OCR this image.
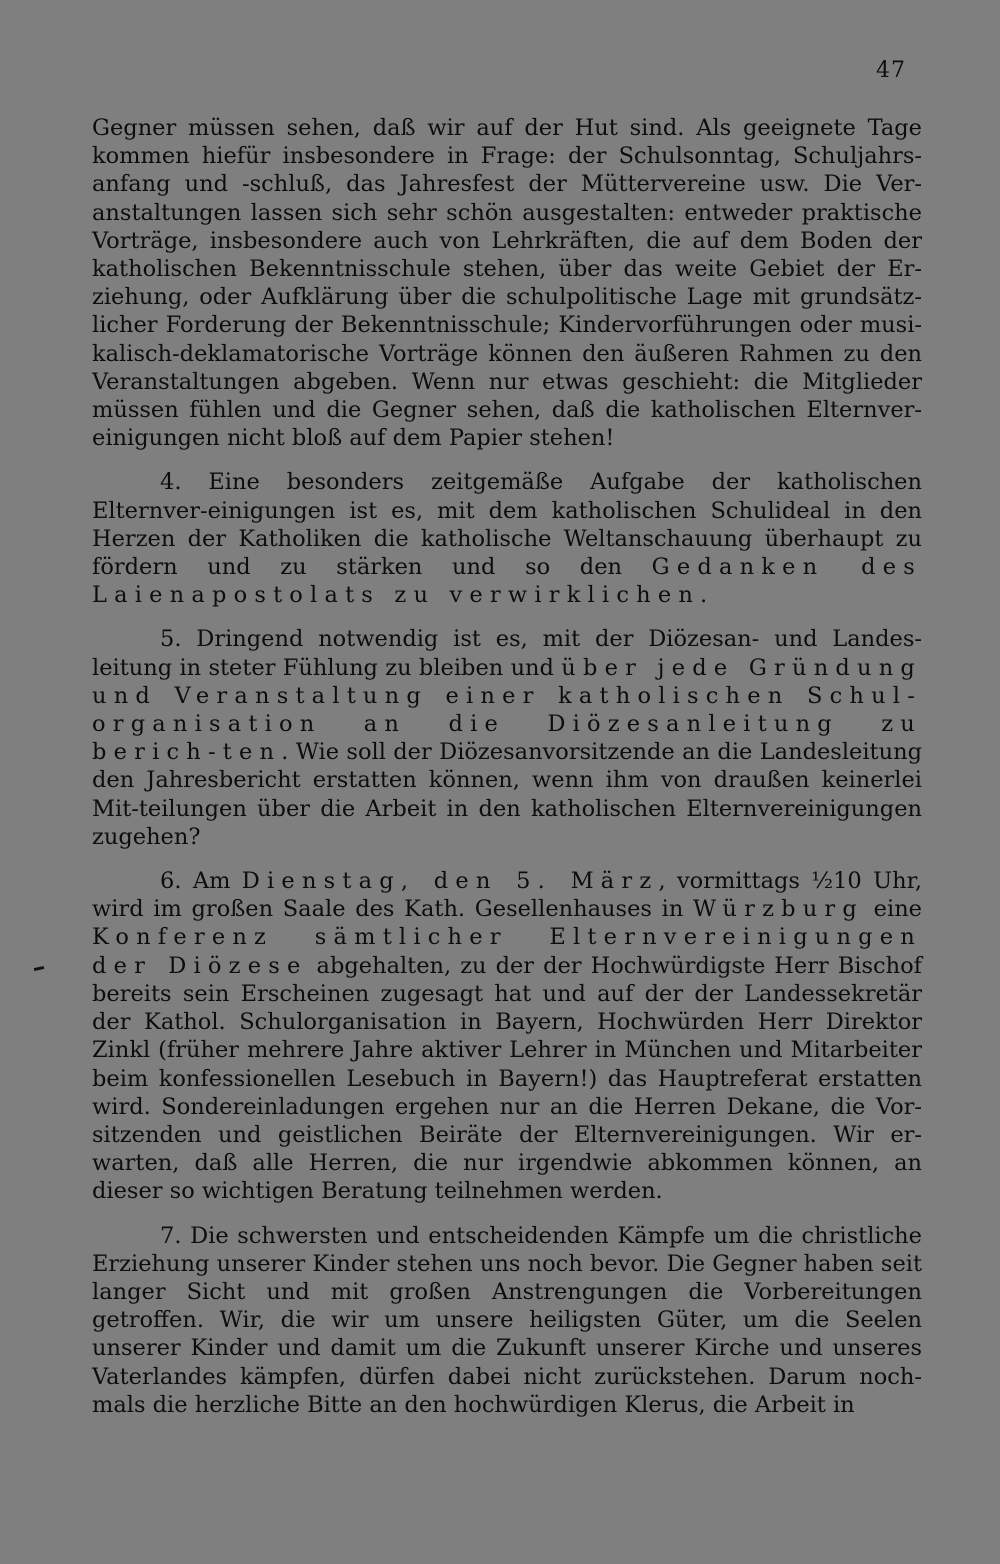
47

Gegner müssen sehen, daß wir auf der Hut sind. Als geeignete Tage kommen hiefür insbesondere in Frage: der Schulsonntag, Schuljahrs-anfang und -schluß, das Jahresfest der Müttervereine usw. Die Ver-anstaltungen lassen sich sehr schön ausgestalten: entweder praktische Vorträge, insbesondere auch von Lehrkräften, die auf dem Boden der katholischen Bekenntnisschule stehen, über das weite Gebiet der Er-ziehung, oder Aufklärung über die schulpolitische Lage mit grundsätz-licher Forderung der Bekenntnisschule; Kindervorführungen oder musi-kalisch-deklamatorische Vorträge können den äußeren Rahmen zu den Veranstaltungen abgeben. Wenn nur etwas geschieht: die Mitglieder müssen fühlen und die Gegner sehen, daß die katholischen Elternver-einigungen nicht bloß auf dem Papier stehen!

4. Eine besonders zeitgemäße Aufgabe der katholischen Elternver-einigungen ist es, mit dem katholischen Schulideal in den Herzen der Katholiken die katholische Weltanschauung überhaupt zu fördern und zu stärken und so den Gedanken des Laienapostolats zu verwirklichen.

5. Dringend notwendig ist es, mit der Diözesan- und Landes-leitung in steter Fühlung zu bleiben und über jede Gründung und Veranstaltung einer katholischen Schul-organisation an die Diözesanleitung zu berich-ten. Wie soll der Diözesanvorsitzende an die Landesleitung den Jahresbericht erstatten können, wenn ihm von draußen keinerlei Mit-teilungen über die Arbeit in den katholischen Elternvereinigungen zugehen?

6. Am Dienstag, den 5. März, vormittags ½10 Uhr, wird im großen Saale des Kath. Gesellenhauses in Würzburg eine Konferenz sämtlicher Elternvereinigungen der Diözese abgehalten, zu der der Hochwürdigste Herr Bischof bereits sein Erscheinen zugesagt hat und auf der der Landessekretär der Kathol. Schulorganisation in Bayern, Hochwürden Herr Direktor Zinkl (früher mehrere Jahre aktiver Lehrer in München und Mitarbeiter beim konfessionellen Lesebuch in Bayern!) das Hauptreferat erstatten wird. Sondereinladungen ergehen nur an die Herren Dekane, die Vor-sitzenden und geistlichen Beiräte der Elternvereinigungen. Wir er-warten, daß alle Herren, die nur irgendwie abkommen können, an dieser so wichtigen Beratung teilnehmen werden.

7. Die schwersten und entscheidenden Kämpfe um die christliche Erziehung unserer Kinder stehen uns noch bevor. Die Gegner haben seit langer Sicht und mit großen Anstrengungen die Vorbereitungen getroffen. Wir, die wir um unsere heiligsten Güter, um die Seelen unserer Kinder und damit um die Zukunft unserer Kirche und unseres Vaterlandes kämpfen, dürfen dabei nicht zurückstehen. Darum noch-mals die herzliche Bitte an den hochwürdigen Klerus, die Arbeit in
